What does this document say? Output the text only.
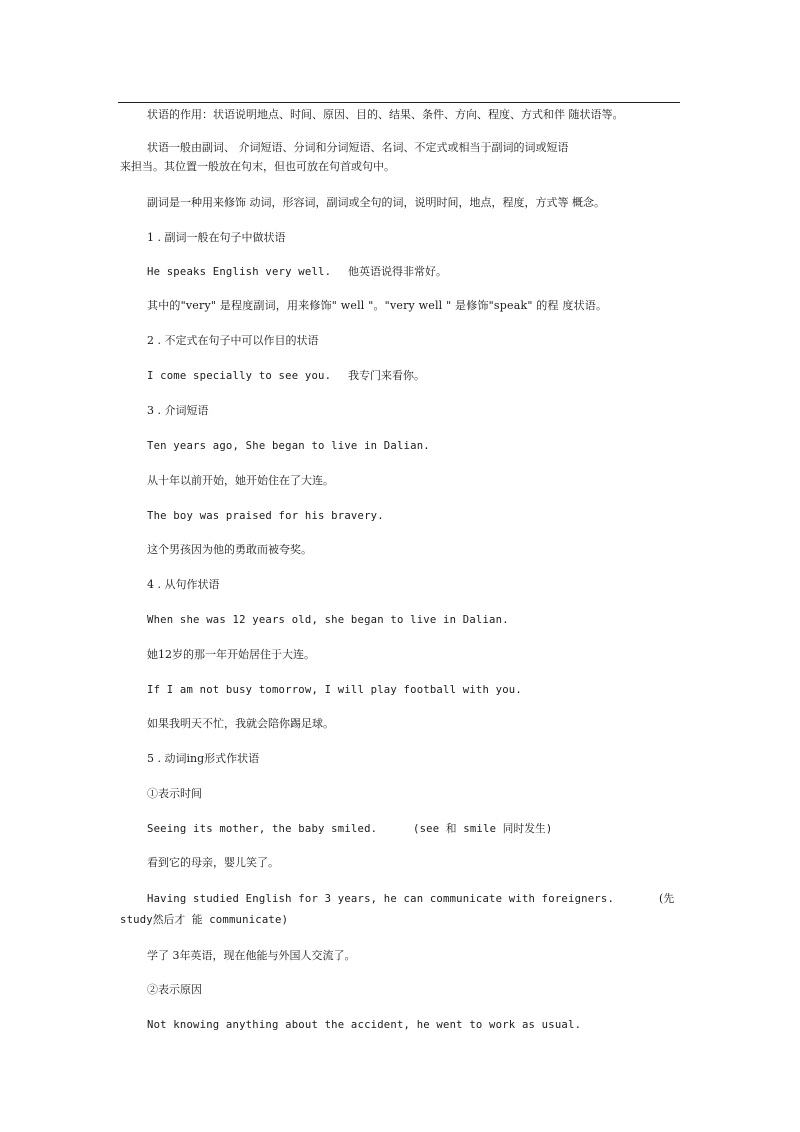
状语的作用：状语说明地点、时间、原因、目的、结果、条件、方向、程度、方式和伴 随状语等。
状语一般由副词、 介词短语、分词和分词短语、名词、不定式或相当于副词的词或短语
来担当。其位置一般放在句末，但也可放在句首或句中。
副词是一种用来修饰 动词，形容词，副词或全句的词，说明时间，地点，程度，方式等 概念。
1 . 副词一般在句子中做状语
He speaks English very well. 他英语说得非常好。
其中的"very" 是程度副词，用来修饰" well "。"very well " 是修饰"speak" 的程 度状语。
2 . 不定式在句子中可以作目的状语
I come specially to see you. 我专门来看你。
3 . 介词短语
Ten years ago, She began to live in Dalian.
从十年以前开始，她开始住在了大连。
The boy was praised for his bravery.
这个男孩因为他的勇敢而被夸奖。
4 . 从句作状语
When she was 12 years old, she began to live in Dalian.
她12岁的那一年开始居住于大连。
If I am not busy tomorrow, I will play football with you.
如果我明天不忙，我就会陪你踢足球。
5 . 动词ing形式作状语
①表示时间
Seeing its mother, the baby smiled.	(see 和 smile 同时发生)
看到它的母亲，婴儿笑了。
Having studied English for 3 years, he can communicate with foreigners.	(先
study然后才 能 communicate)
学了 3年英语，现在他能与外国人交流了。
②表示原因
Not knowing anything about the accident, he went to work as usual.
